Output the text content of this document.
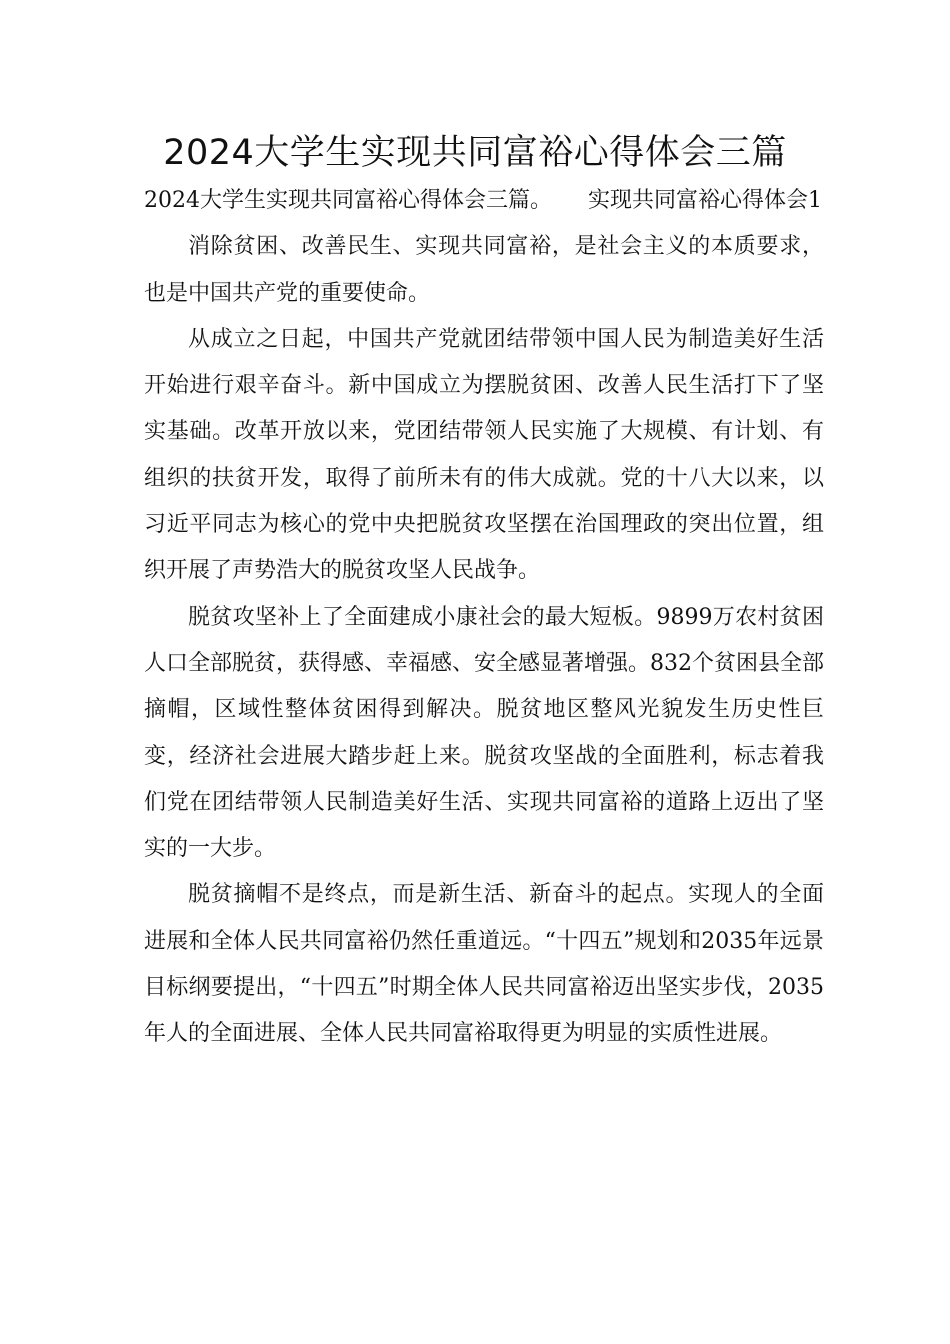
2024大学生实现共同富裕心得体会三篇

2024大学生实现共同富裕心得体会三篇。 实现共同富裕心得体会1

消除贫困、改善民生、实现共同富裕，是社会主义的本质要求，也是中国共产党的重要使命。

从成立之日起，中国共产党就团结带领中国人民为制造美好生活开始进行艰辛奋斗。新中国成立为摆脱贫困、改善人民生活打下了坚实基础。改革开放以来，党团结带领人民实施了大规模、有计划、有组织的扶贫开发，取得了前所未有的伟大成就。党的十八大以来，以习近平同志为核心的党中央把脱贫攻坚摆在治国理政的突出位置，组织开展了声势浩大的脱贫攻坚人民战争。

脱贫攻坚补上了全面建成小康社会的最大短板。9899万农村贫困人口全部脱贫，获得感、幸福感、安全感显著增强。832个贫困县全部摘帽，区域性整体贫困得到解决。脱贫地区整风光貌发生历史性巨变，经济社会进展大踏步赶上来。脱贫攻坚战的全面胜利，标志着我们党在团结带领人民制造美好生活、实现共同富裕的道路上迈出了坚实的一大步。

脱贫摘帽不是终点，而是新生活、新奋斗的起点。实现人的全面进展和全体人民共同富裕仍然任重道远。“十四五”规划和2035年远景目标纲要提出，“十四五”时期全体人民共同富裕迈出坚实步伐，2035年人的全面进展、全体人民共同富裕取得更为明显的实质性进展。
